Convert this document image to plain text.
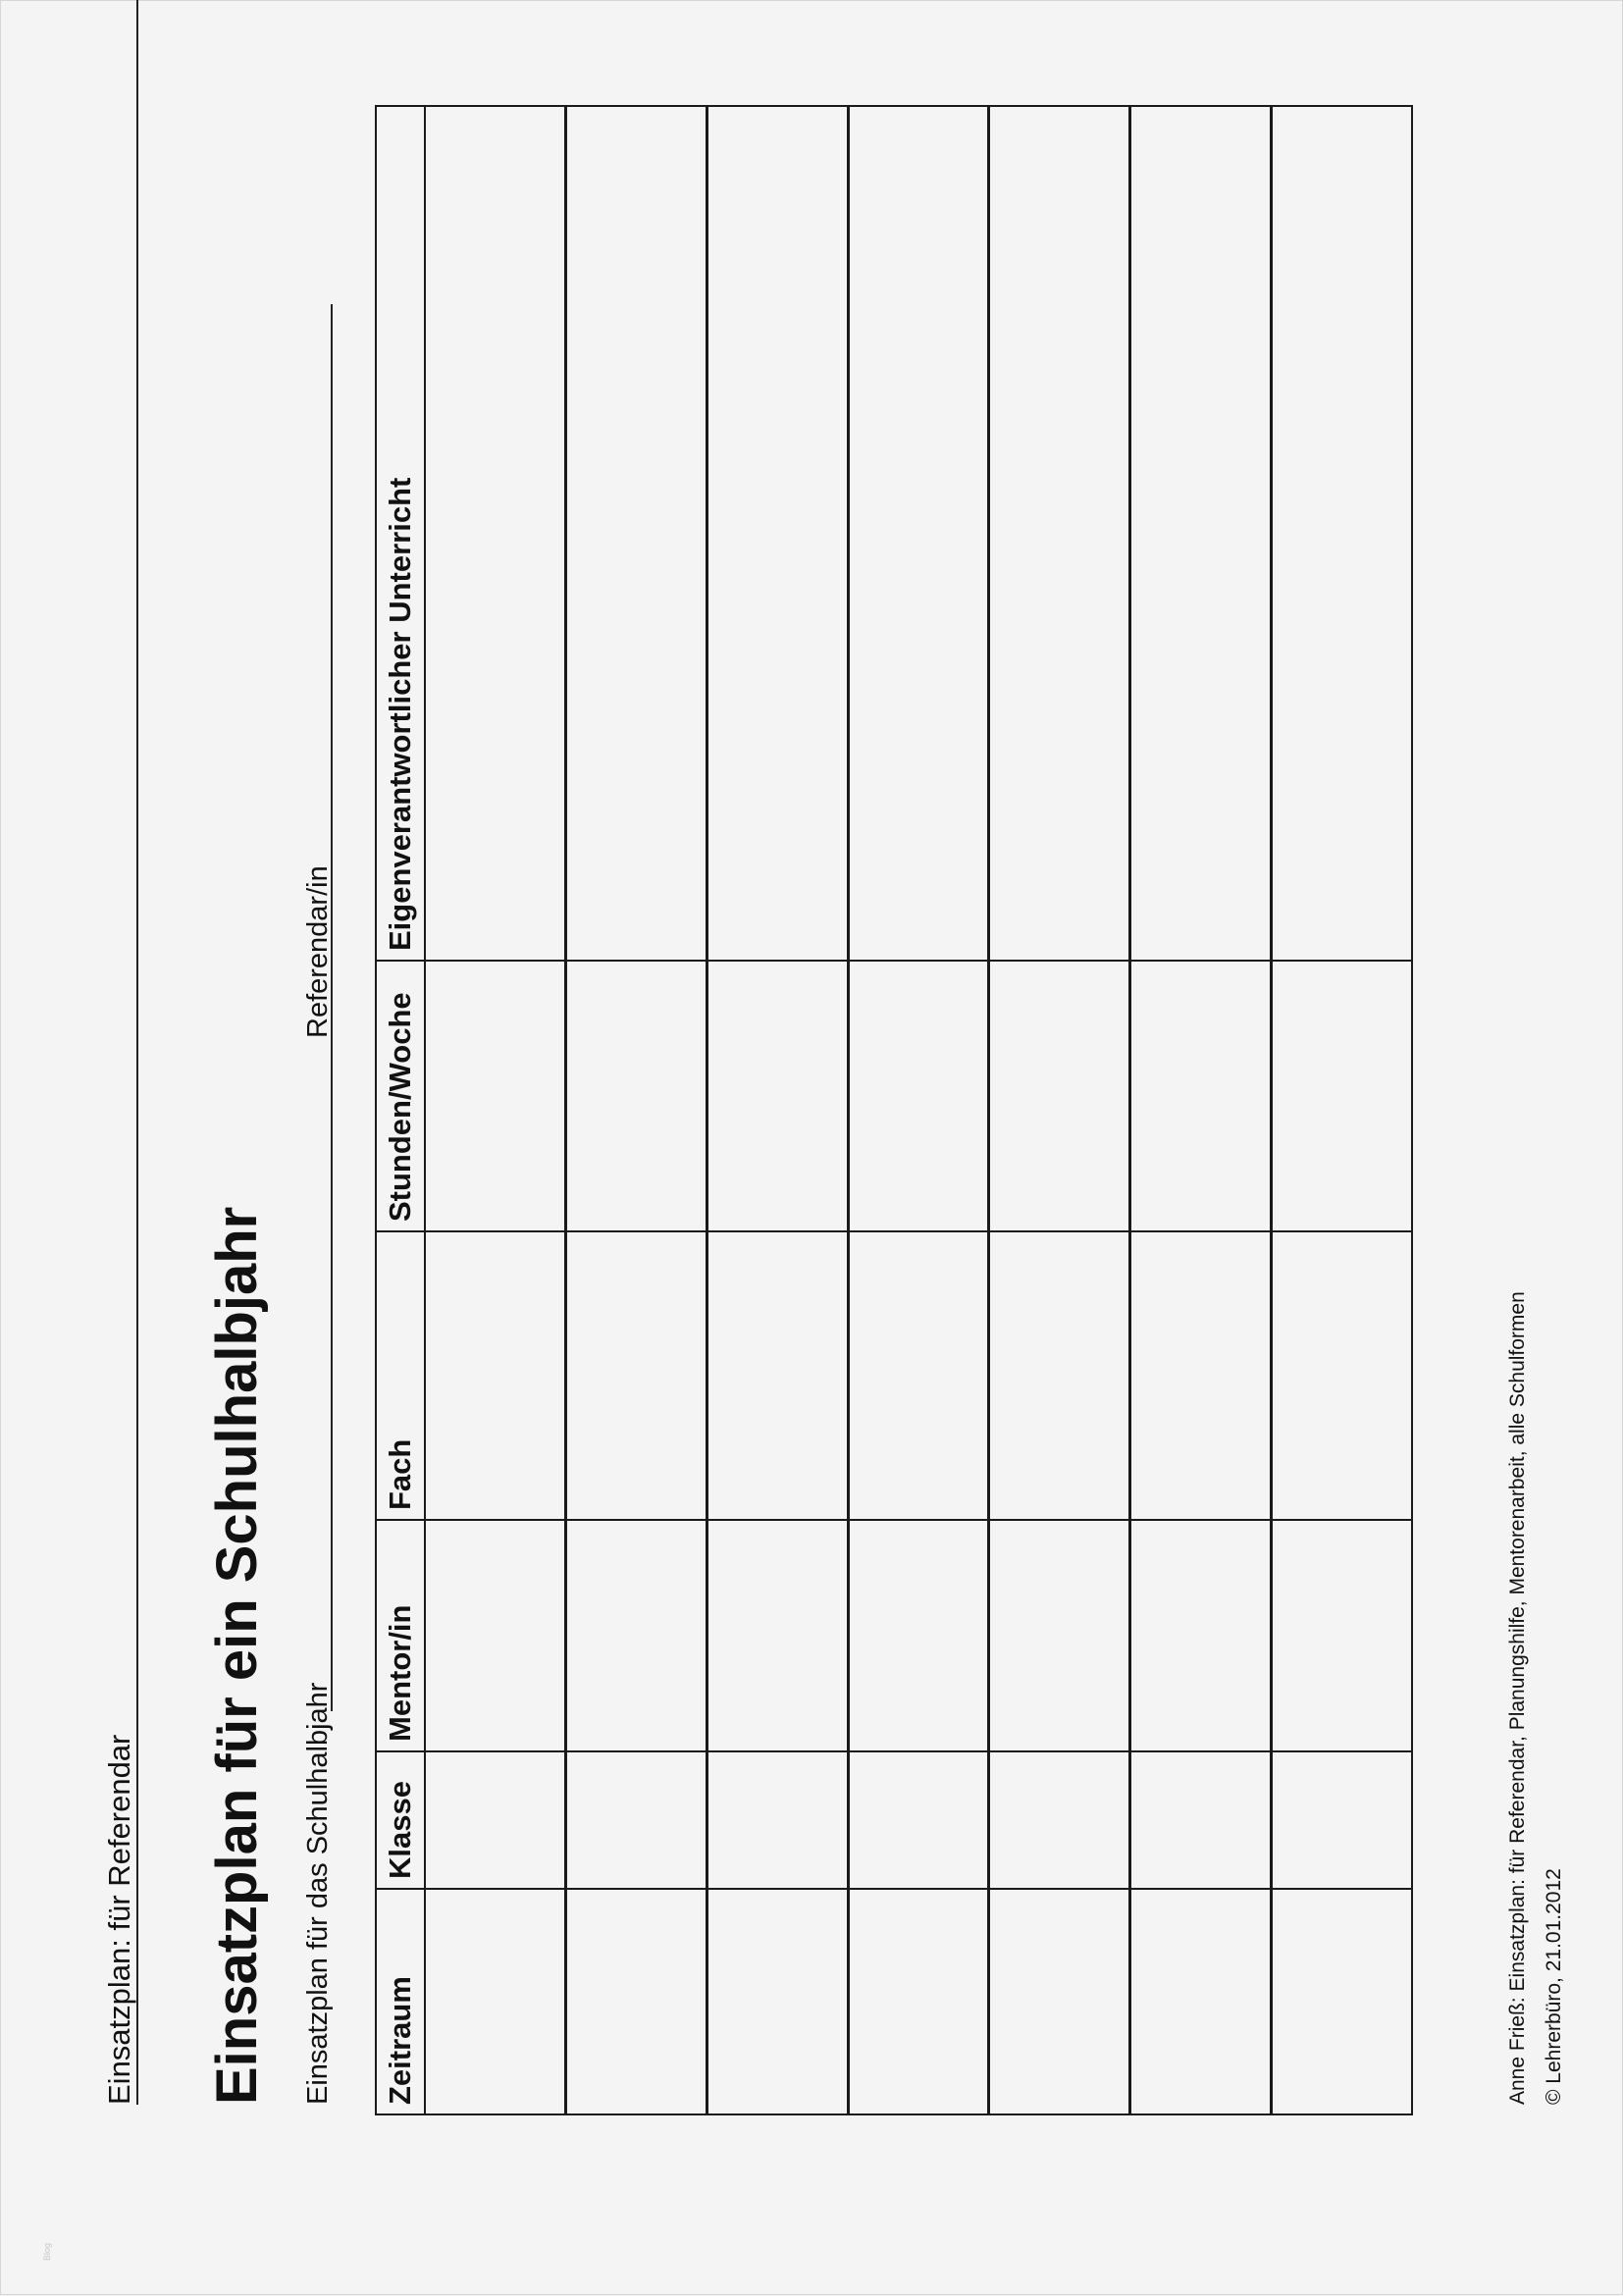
Blog
Einsatzplan: für Referendar Einsatzplan für ein Schulhalbjahr Einsatzplan für das Schulhalbjahr
Referendar/in
Zeitraum	Klasse	Mentor/in	Fach	Stunden/Woche	Eigenverantwortlicher Unterricht

Anne Frieß: Einsatzplan: für Referendar, Planungshilfe, Mentorenarbeit, alle Schulformen © Lehrerbüro, 21.01.2012
